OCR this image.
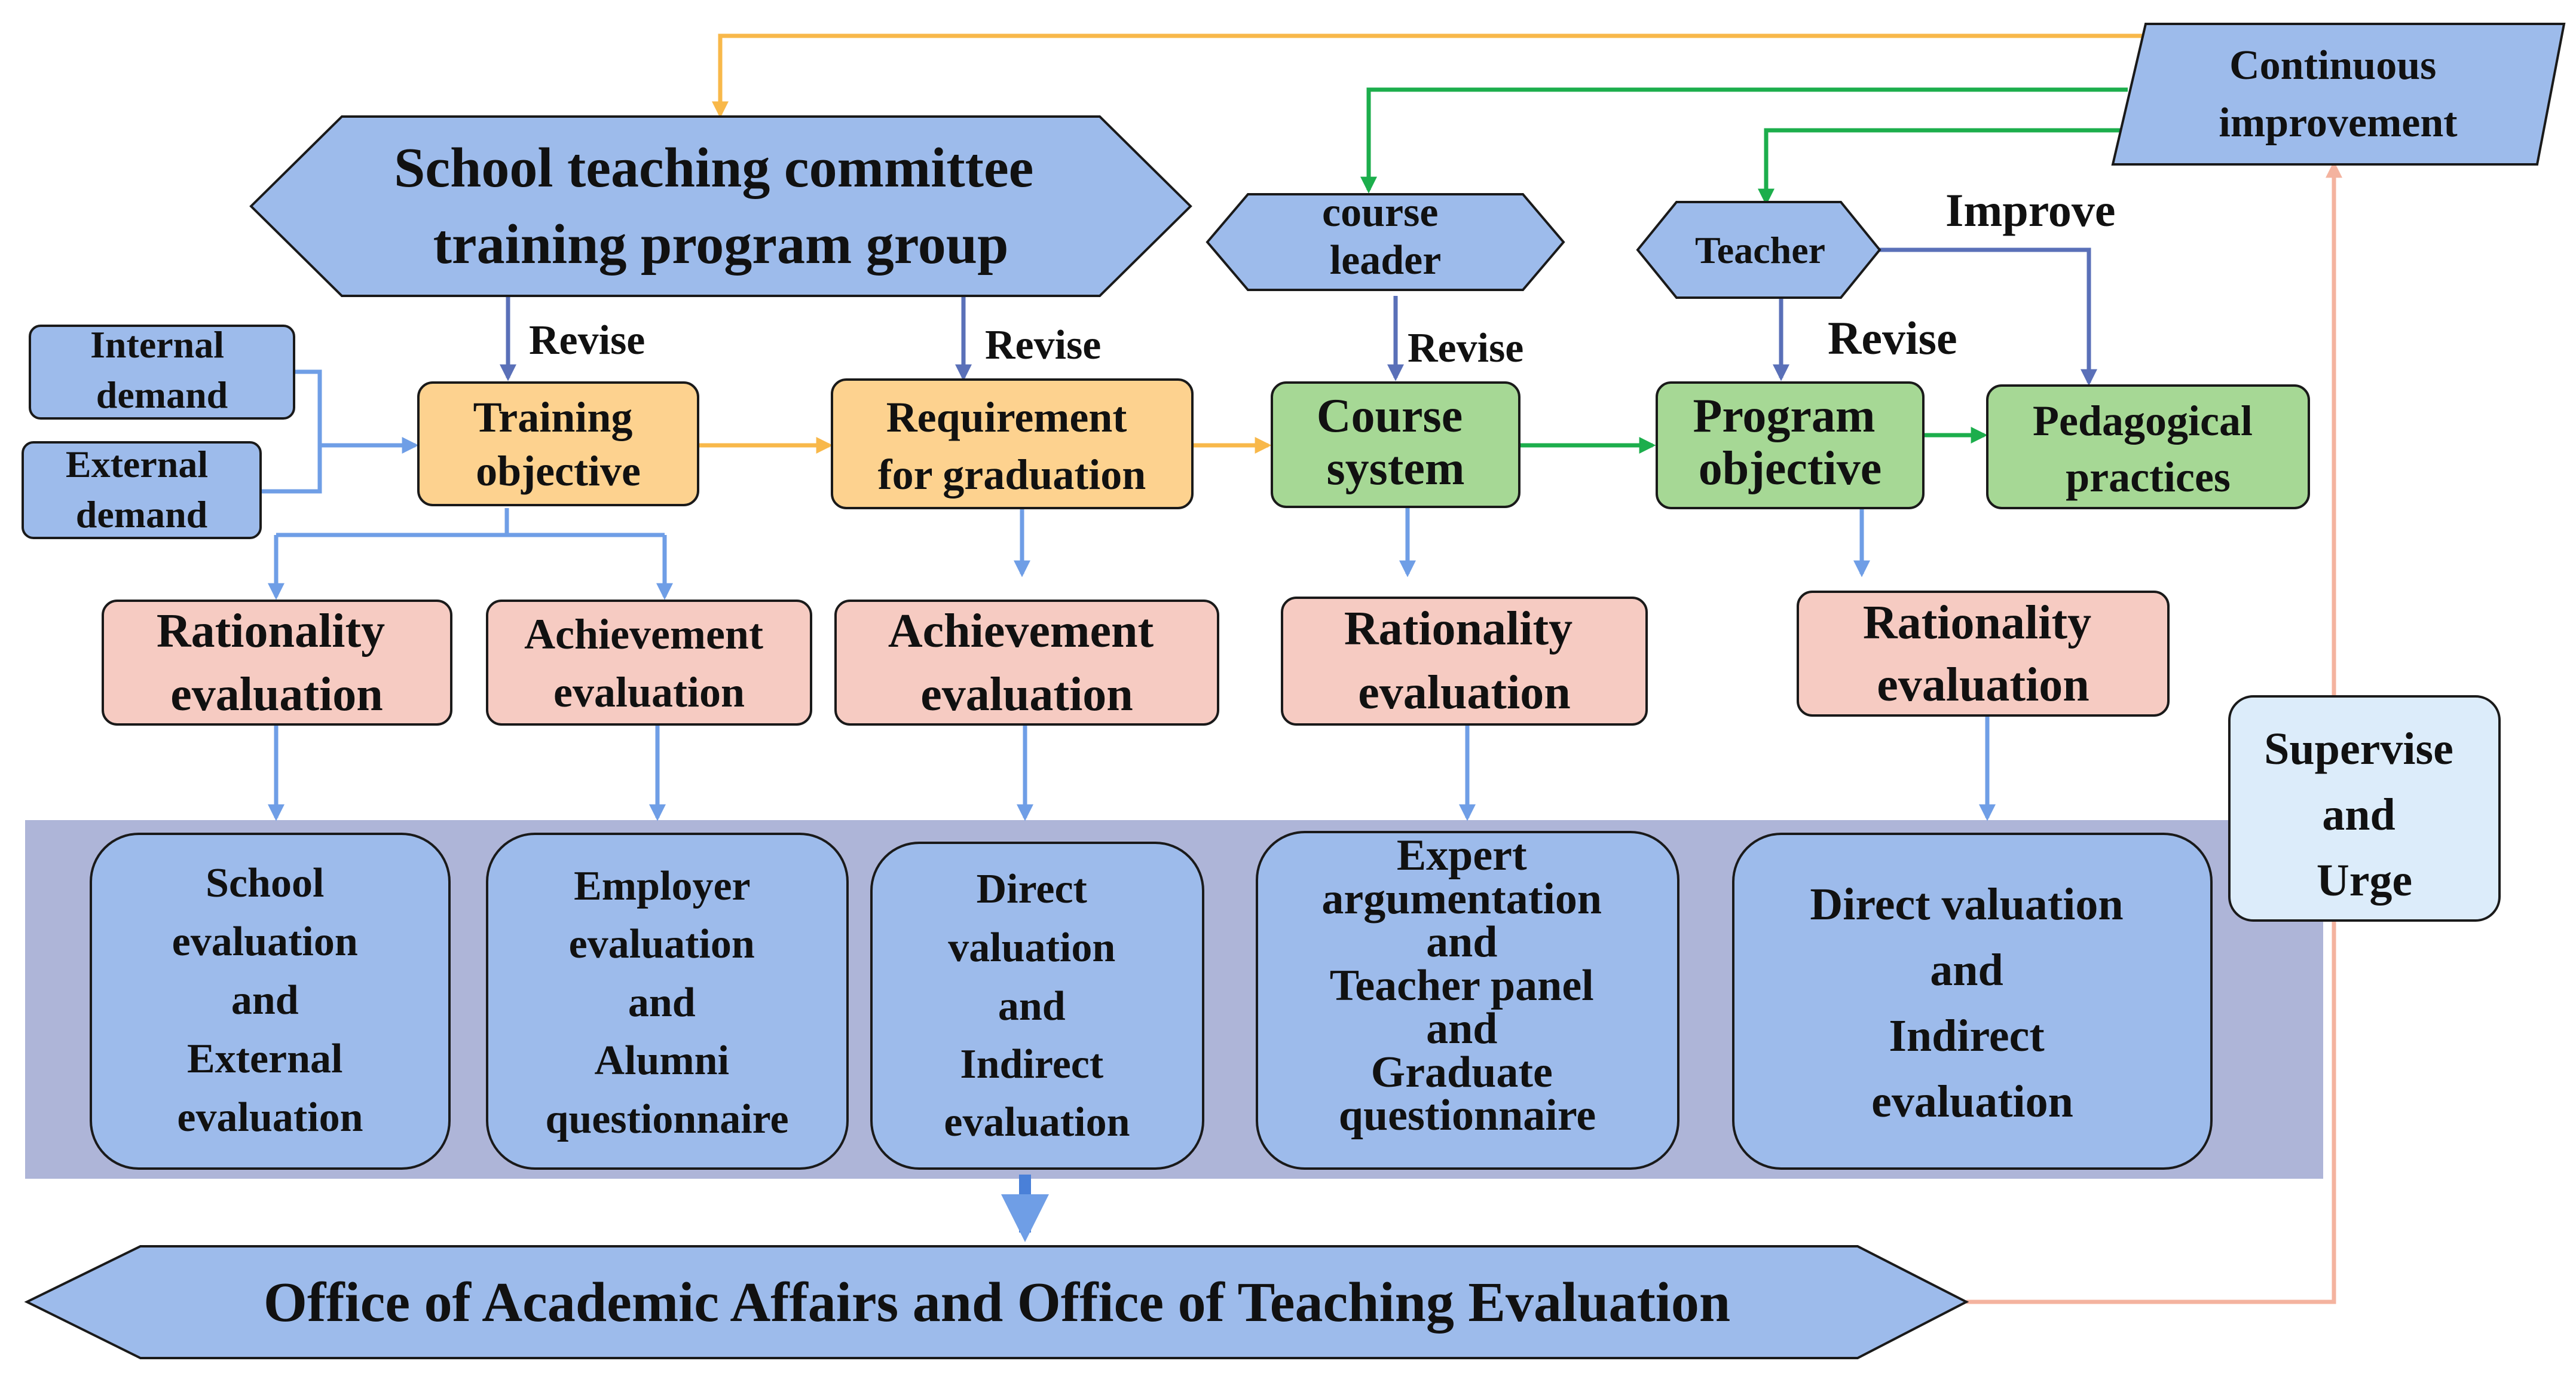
School teaching committee training program group
course leader	Teacher
Continuous improvement
Internal demand
External demand
Training objective
Requirement for graduation
Course system
Program objective
Pedagogical practices
Rationality evaluation
Achievement evaluation
Achievement evaluation
Rationality evaluation
Rationality evaluation
School evaluation and External evaluation
Employer evaluation and Alumni questionnaire
Direct valuation and Indirect evaluation
Expert argumentation and Teacher panel and Graduate questionnaire
Direct valuation and Indirect evaluation
Supervise and Urge
Office of Academic Affairs and Office of Teaching Evaluation
Revise	Revise	Revise	Revise
Improve
